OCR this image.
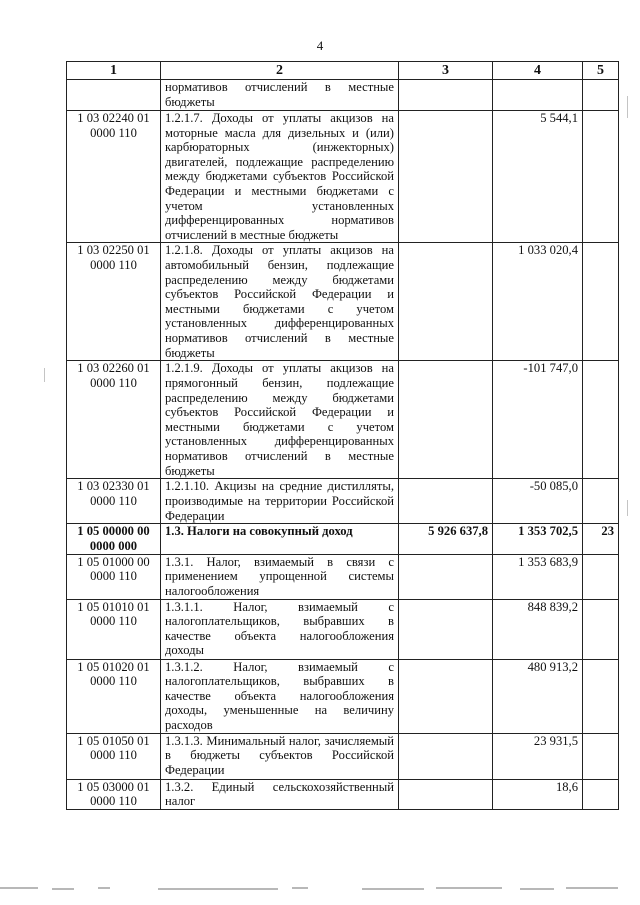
4
1	2	3	4	5
	нормативов отчислений в местные бюджеты			
1 03 02240 01 0000 110	1.2.1.7. Доходы от уплаты акцизов на моторные масла для дизельных и (или) карбюраторных (инжекторных) двигателей, подлежащие распределению между бюджетами субъектов Российской Федерации и местными бюджетами с учетом установленных дифференцированных нормативов отчислений в местные бюджеты		5 544,1	
1 03 02250 01 0000 110	1.2.1.8. Доходы от уплаты акцизов на автомобильный бензин, подлежащие распределению между бюджетами субъектов Российской Федерации и местными бюджетами с учетом установленных дифференцированных нормативов отчислений в местные бюджеты		1 033 020,4	
1 03 02260 01 0000 110	1.2.1.9. Доходы от уплаты акцизов на прямогонный бензин, подлежащие распределению между бюджетами субъектов Российской Федерации и местными бюджетами с учетом установленных дифференцированных нормативов отчислений в местные бюджеты		-101 747,0	
1 03 02330 01 0000 110	1.2.1.10. Акцизы на средние дистилляты, производимые на территории Российской Федерации		-50 085,0	
1 05 00000 00 0000 000	1.3. Налоги на совокупный доход	5 926 637,8	1 353 702,5	23
1 05 01000 00 0000 110	1.3.1. Налог, взимаемый в связи с применением упрощенной системы налогообложения		1 353 683,9	
1 05 01010 01 0000 110	1.3.1.1. Налог, взимаемый с налогоплательщиков, выбравших в качестве объекта налогообложения доходы		848 839,2	
1 05 01020 01 0000 110	1.3.1.2. Налог, взимаемый с налогоплательщиков, выбравших в качестве объекта налогообложения доходы, уменьшенные на величину расходов		480 913,2	
1 05 01050 01 0000 110	1.3.1.3. Минимальный налог, зачисляемый в бюджеты субъектов Российской Федерации		23 931,5	
1 05 03000 01 0000 110	1.3.2. Единый сельскохозяйственный налог		18,6	
